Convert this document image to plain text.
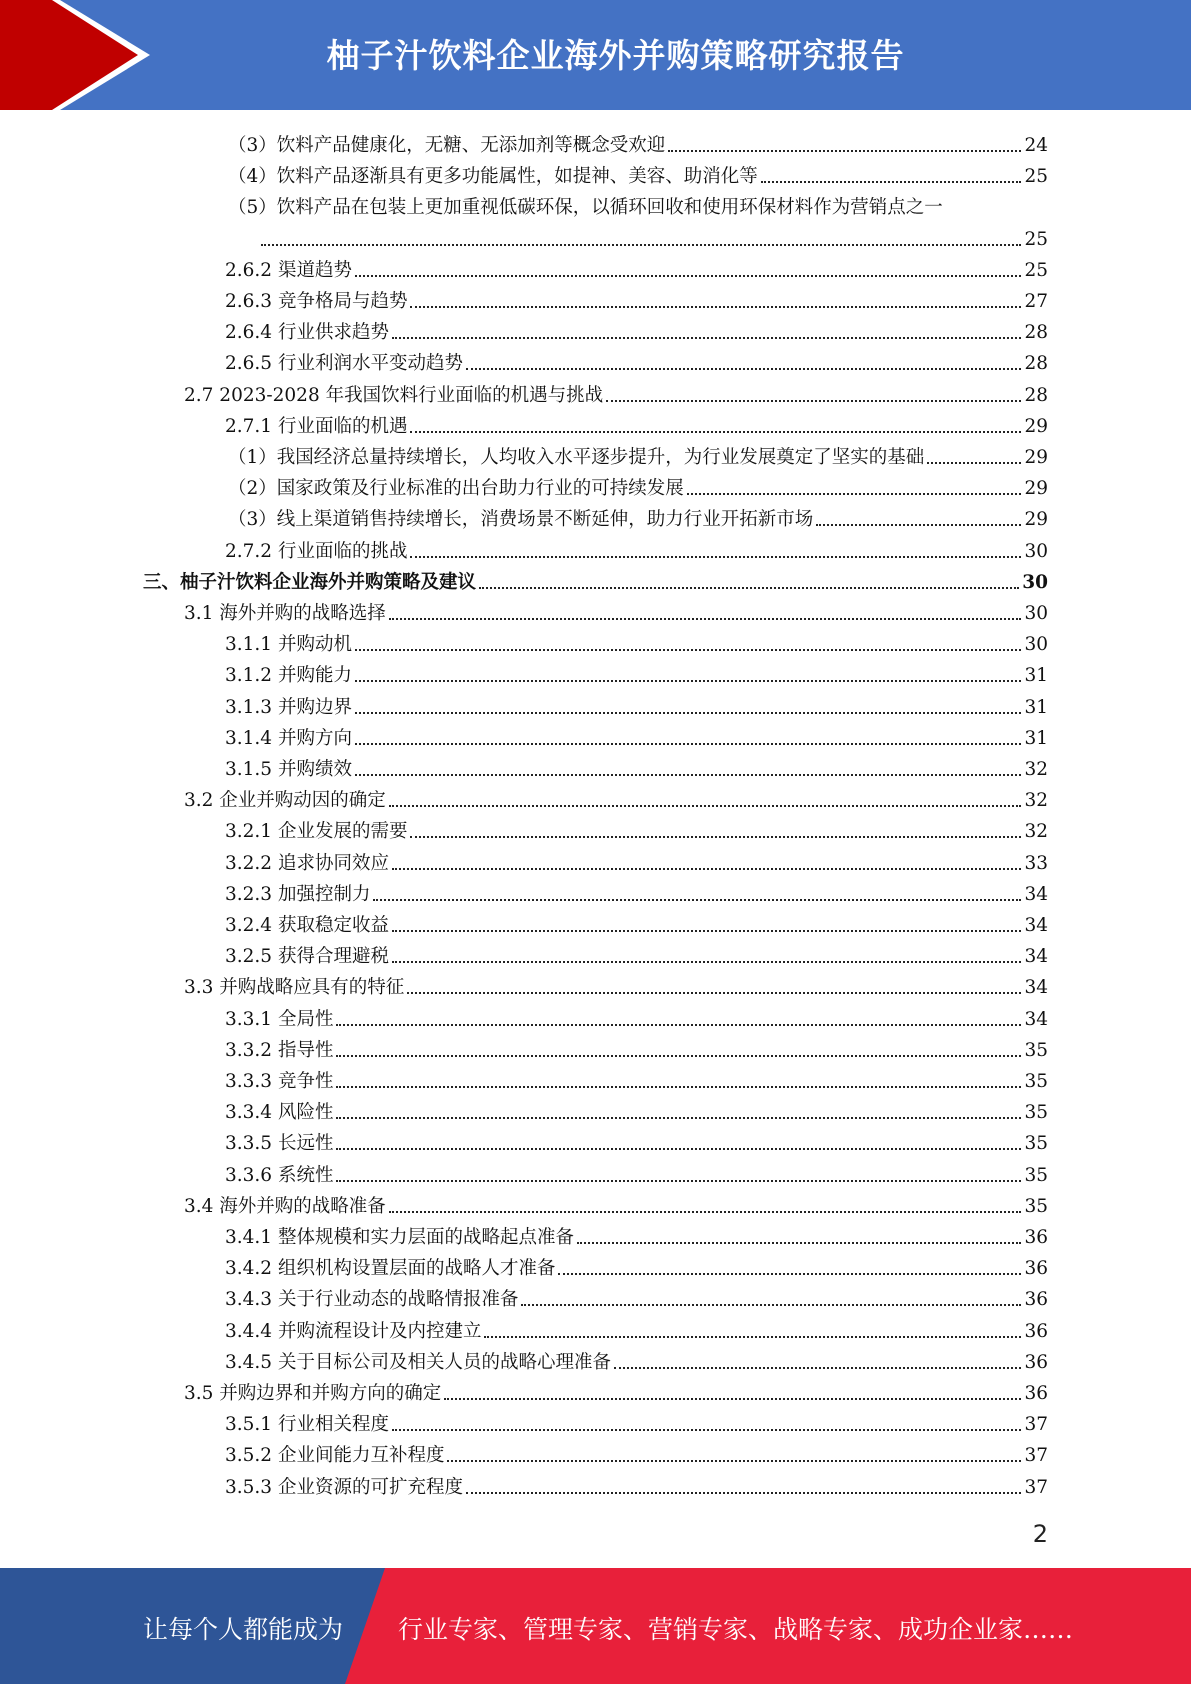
柚子汁饮料企业海外并购策略研究报告
（3）饮料产品健康化，无糖、无添加剂等概念受欢迎	24
（4）饮料产品逐渐具有更多功能属性，如提神、美容、助消化等	25
（5）饮料产品在包装上更加重视低碳环保，以循环回收和使用环保材料作为营销点之一
25
2.6.2 渠道趋势	25
2.6.3 竞争格局与趋势	27
2.6.4 行业供求趋势	28
2.6.5 行业利润水平变动趋势	28
2.7 2023-2028 年我国饮料行业面临的机遇与挑战	28
2.7.1 行业面临的机遇	29
（1）我国经济总量持续增长，人均收入水平逐步提升，为行业发展奠定了坚实的基础	29
（2）国家政策及行业标准的出台助力行业的可持续发展	29
（3）线上渠道销售持续增长，消费场景不断延伸，助力行业开拓新市场	29
2.7.2 行业面临的挑战	30
三、柚子汁饮料企业海外并购策略及建议	30
3.1 海外并购的战略选择	30
3.1.1 并购动机	30
3.1.2 并购能力	31
3.1.3 并购边界	31
3.1.4 并购方向	31
3.1.5 并购绩效	32
3.2 企业并购动因的确定	32
3.2.1 企业发展的需要	32
3.2.2 追求协同效应	33
3.2.3 加强控制力	34
3.2.4 获取稳定收益	34
3.2.5 获得合理避税	34
3.3 并购战略应具有的特征	34
3.3.1 全局性	34
3.3.2 指导性	35
3.3.3 竞争性	35
3.3.4 风险性	35
3.3.5 长远性	35
3.3.6 系统性	35
3.4 海外并购的战略准备	35
3.4.1 整体规模和实力层面的战略起点准备	36
3.4.2 组织机构设置层面的战略人才准备	36
3.4.3 关于行业动态的战略情报准备	36
3.4.4 并购流程设计及内控建立	36
3.4.5 关于目标公司及相关人员的战略心理准备	36
3.5 并购边界和并购方向的确定	36
3.5.1 行业相关程度	37
3.5.2 企业间能力互补程度	37
3.5.3 企业资源的可扩充程度	37
2
让每个人都能成为 行业专家、管理专家、营销专家、战略专家、成功企业家……
